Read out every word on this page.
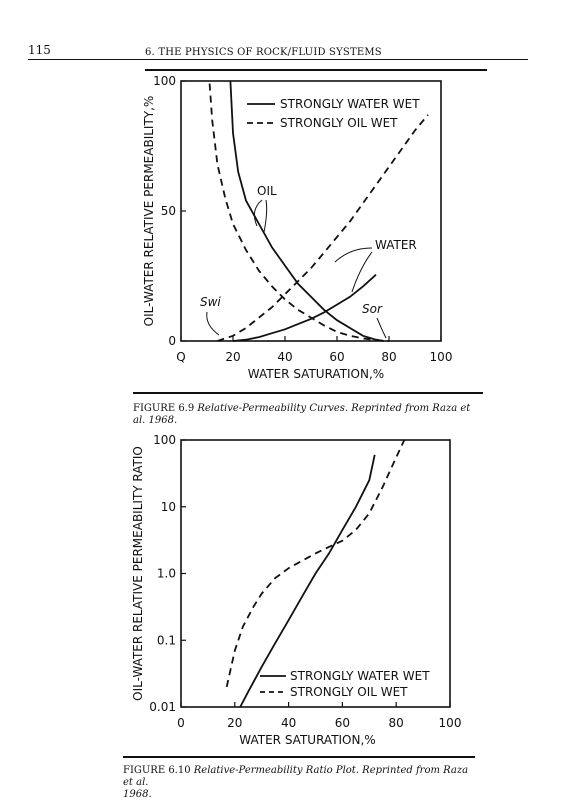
115	6. THE PHYSICS OF ROCK/FLUID SYSTEMS
Q	20	40	60	80	100
0
50
100
WATER SATURATION,%
OIL-WATER RELATIVE PERMEABILITY,%	STRONGLY WATER WET
STRONGLY OIL WET
OIL
WATER
Swi	Sor
FIGURE 6.9 Relative-Permeability Curves. Reprinted from Raza et al. 1968.
0	20	40	60	80	100
0.01
0.1
1.0
10
100
WATER SATURATION,%
OIL-WATER RELATIVE PERMEABILITY RATIO	STRONGLY WATER WET
STRONGLY OIL WET
FIGURE 6.10 Relative-Permeability Ratio Plot. Reprinted from Raza et al.
1968.
